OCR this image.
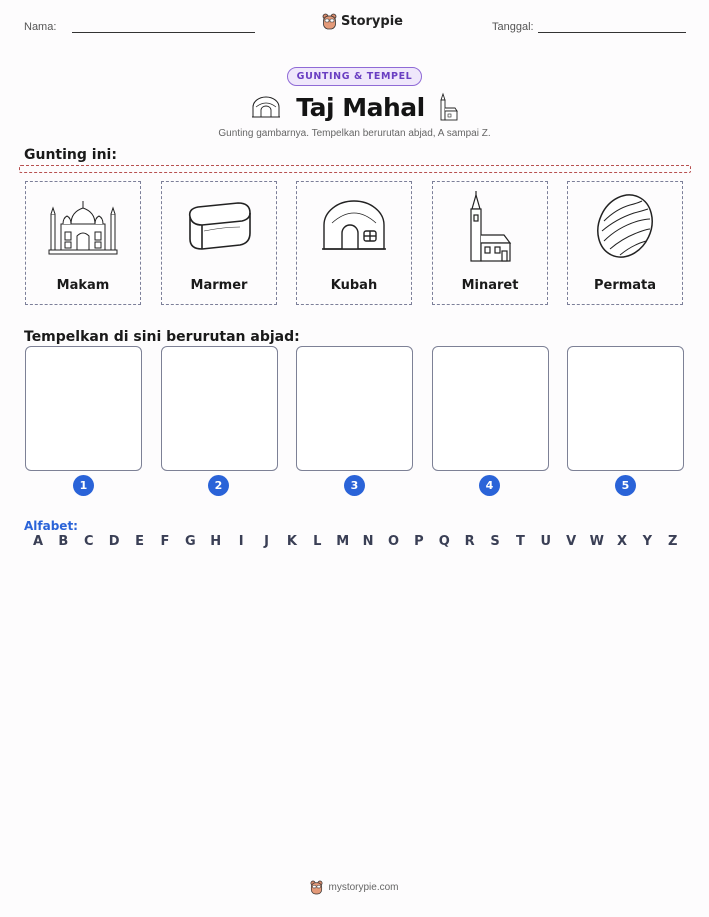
Nama:	Storypie	Tanggal:
GUNTING & TEMPEL
Taj Mahal
Gunting gambarnya. Tempelkan berurutan abjad, A sampai Z.
Gunting ini:
Makam	Marmer	Kubah	Minaret	Permata
Tempelkan di sini berurutan abjad:
1	2	3	4	5
Alfabet:
A B C D E F G H	I	J	K L M N O P Q R S T U V W X Y Z
mystorypie.com
